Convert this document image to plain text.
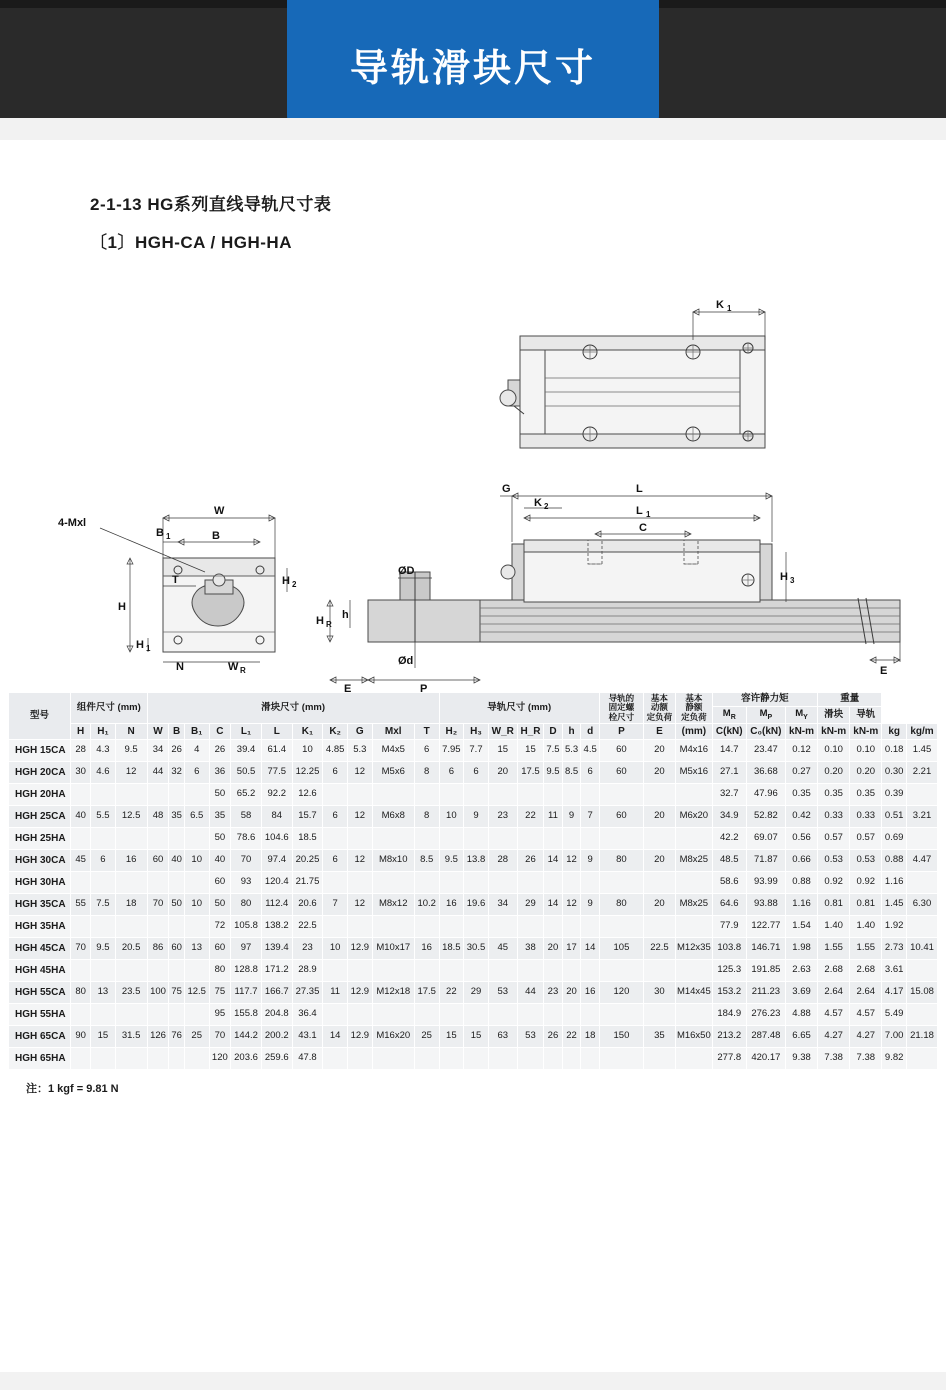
导轨滑块尺寸
2-1-13 HG系列直线导轨尺寸表
〔1〕HGH-CA / HGH-HA
K 1
4-Mxl
W
B
B 1
H
H 1
T	H 2
N	W R
ØD
Ød
h
H R
E	P
L
L 1
C
K 2
G
H 3
E
型号	组件尺寸 (mm)			滑块尺寸 (mm)											导轨尺寸 (mm)							导轨的
固定螺
栓尺寸	基本
动额
定负荷	基本
静额
定负荷	容许静力矩			重量			
																									$M_R$	$M_P$	$M_Y$	滑块	导轨		
	H	H₁	N	W	B	B₁	C	L₁	L	K₁	K₂	G	Mxl	T	H₂	H₃	W_R	H_R	D	h	d	P	E	(mm)	C(kN)	C₀(kN)	kN-m	kN-m	kN-m	kg	kg/m
HGH 15CA	28	4.3	9.5	34	26	4	26	39.4	61.4	10	4.85	5.3	M4x5	6	7.95	7.7	15	15	7.5	5.3	4.5	60	20	M4x16	14.7	23.47	0.12	0.10	0.10	0.18	1.45
HGH 20CA	30	4.6	12	44	32	6	36	50.5	77.5	12.25	6	12	M5x6	8	6	6	20	17.5	9.5	8.5	6	60	20	M5x16	27.1	36.68	0.27	0.20	0.20	0.30	2.21
HGH 20HA							50	65.2	92.2	12.6															32.7	47.96	0.35	0.35	0.35	0.39	
HGH 25CA	40	5.5	12.5	48	35	6.5	35	58	84	15.7	6	12	M6x8	8	10	9	23	22	11	9	7	60	20	M6x20	34.9	52.82	0.42	0.33	0.33	0.51	3.21
HGH 25HA							50	78.6	104.6	18.5															42.2	69.07	0.56	0.57	0.57	0.69	
HGH 30CA	45	6	16	60	40	10	40	70	97.4	20.25	6	12	M8x10	8.5	9.5	13.8	28	26	14	12	9	80	20	M8x25	48.5	71.87	0.66	0.53	0.53	0.88	4.47
HGH 30HA							60	93	120.4	21.75															58.6	93.99	0.88	0.92	0.92	1.16	
HGH 35CA	55	7.5	18	70	50	10	50	80	112.4	20.6	7	12	M8x12	10.2	16	19.6	34	29	14	12	9	80	20	M8x25	64.6	93.88	1.16	0.81	0.81	1.45	6.30
HGH 35HA							72	105.8	138.2	22.5															77.9	122.77	1.54	1.40	1.40	1.92	
HGH 45CA	70	9.5	20.5	86	60	13	60	97	139.4	23	10	12.9	M10x17	16	18.5	30.5	45	38	20	17	14	105	22.5	M12x35	103.8	146.71	1.98	1.55	1.55	2.73	10.41
HGH 45HA							80	128.8	171.2	28.9															125.3	191.85	2.63	2.68	2.68	3.61	
HGH 55CA	80	13	23.5	100	75	12.5	75	117.7	166.7	27.35	11	12.9	M12x18	17.5	22	29	53	44	23	20	16	120	30	M14x45	153.2	211.23	3.69	2.64	2.64	4.17	15.08
HGH 55HA							95	155.8	204.8	36.4															184.9	276.23	4.88	4.57	4.57	5.49	
HGH 65CA	90	15	31.5	126	76	25	70	144.2	200.2	43.1	14	12.9	M16x20	25	15	15	63	53	26	22	18	150	35	M16x50	213.2	287.48	6.65	4.27	4.27	7.00	21.18
HGH 65HA							120	203.6	259.6	47.8															277.8	420.17	9.38	7.38	7.38	9.82	
注：1 kgf = 9.81 N
